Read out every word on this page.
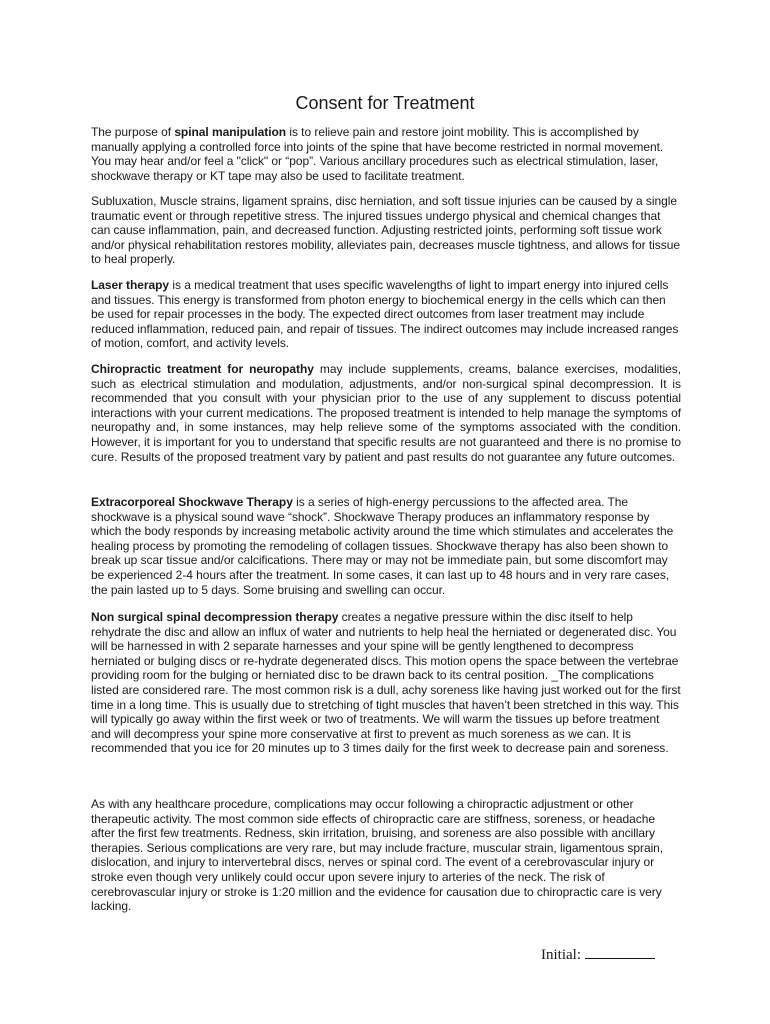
Consent for Treatment

The purpose of spinal manipulation is to relieve pain and restore joint mobility. This is accomplished by manually applying a controlled force into joints of the spine that have become restricted in normal movement. You may hear and/or feel a "click" or “pop”. Various ancillary procedures such as electrical stimulation, laser, shockwave therapy or KT tape may also be used to facilitate treatment.

Subluxation, Muscle strains, ligament sprains, disc herniation, and soft tissue injuries can be caused by a single traumatic event or through repetitive stress. The injured tissues undergo physical and chemical changes that can cause inflammation, pain, and decreased function. Adjusting restricted joints, performing soft tissue work and/or physical rehabilitation restores mobility, alleviates pain, decreases muscle tightness, and allows for tissue to heal properly.

Laser therapy is a medical treatment that uses specific wavelengths of light to impart energy into injured cells and tissues. This energy is transformed from photon energy to biochemical energy in the cells which can then be used for repair processes in the body. The expected direct outcomes from laser treatment may include reduced inflammation, reduced pain, and repair of tissues. The indirect outcomes may include increased ranges of motion, comfort, and activity levels.

Chiropractic treatment for neuropathy may include supplements, creams, balance exercises, modalities, such as electrical stimulation and modulation, adjustments, and/or non-surgical spinal decompression. It is recommended that you consult with your physician prior to the use of any supplement to discuss potential interactions with your current medications. The proposed treatment is intended to help manage the symptoms of neuropathy and, in some instances, may help relieve some of the symptoms associated with the condition. However, it is important for you to understand that specific results are not guaranteed and there is no promise to cure. Results of the proposed treatment vary by patient and past results do not guarantee any future outcomes.

Extracorporeal Shockwave Therapy is a series of high-energy percussions to the affected area. The shockwave is a physical sound wave “shock”. Shockwave Therapy produces an inflammatory response by which the body responds by increasing metabolic activity around the time which stimulates and accelerates the healing process by promoting the remodeling of collagen tissues. Shockwave therapy has also been shown to break up scar tissue and/or calcifications. There may or may not be immediate pain, but some discomfort may be experienced 2-4 hours after the treatment. In some cases, it can last up to 48 hours and in very rare cases, the pain lasted up to 5 days. Some bruising and swelling can occur.

Non surgical spinal decompression therapy creates a negative pressure within the disc itself to help rehydrate the disc and allow an influx of water and nutrients to help heal the herniated or degenerated disc. You will be harnessed in with 2 separate harnesses and your spine will be gently lengthened to decompress herniated or bulging discs or re-hydrate degenerated discs. This motion opens the space between the vertebrae providing room for the bulging or herniated disc to be drawn back to its central position. _The complications listed are considered rare. The most common risk is a dull, achy soreness like having just worked out for the first time in a long time. This is usually due to stretching of tight muscles that haven’t been stretched in this way. This will typically go away within the first week or two of treatments. We will warm the tissues up before treatment and will decompress your spine more conservative at first to prevent as much soreness as we can. It is recommended that you ice for 20 minutes up to 3 times daily for the first week to decrease pain and soreness.

As with any healthcare procedure, complications may occur following a chiropractic adjustment or other therapeutic activity. The most common side effects of chiropractic care are stiffness, soreness, or headache after the first few treatments. Redness, skin irritation, bruising, and soreness are also possible with ancillary therapies. Serious complications are very rare, but may include fracture, muscular strain, ligamentous sprain, dislocation, and injury to intervertebral discs, nerves or spinal cord. The event of a cerebrovascular injury or stroke even though very unlikely could occur upon severe injury to arteries of the neck. The risk of cerebrovascular injury or stroke is 1:20 million and the evidence for causation due to chiropractic care is very lacking.

Initial:
